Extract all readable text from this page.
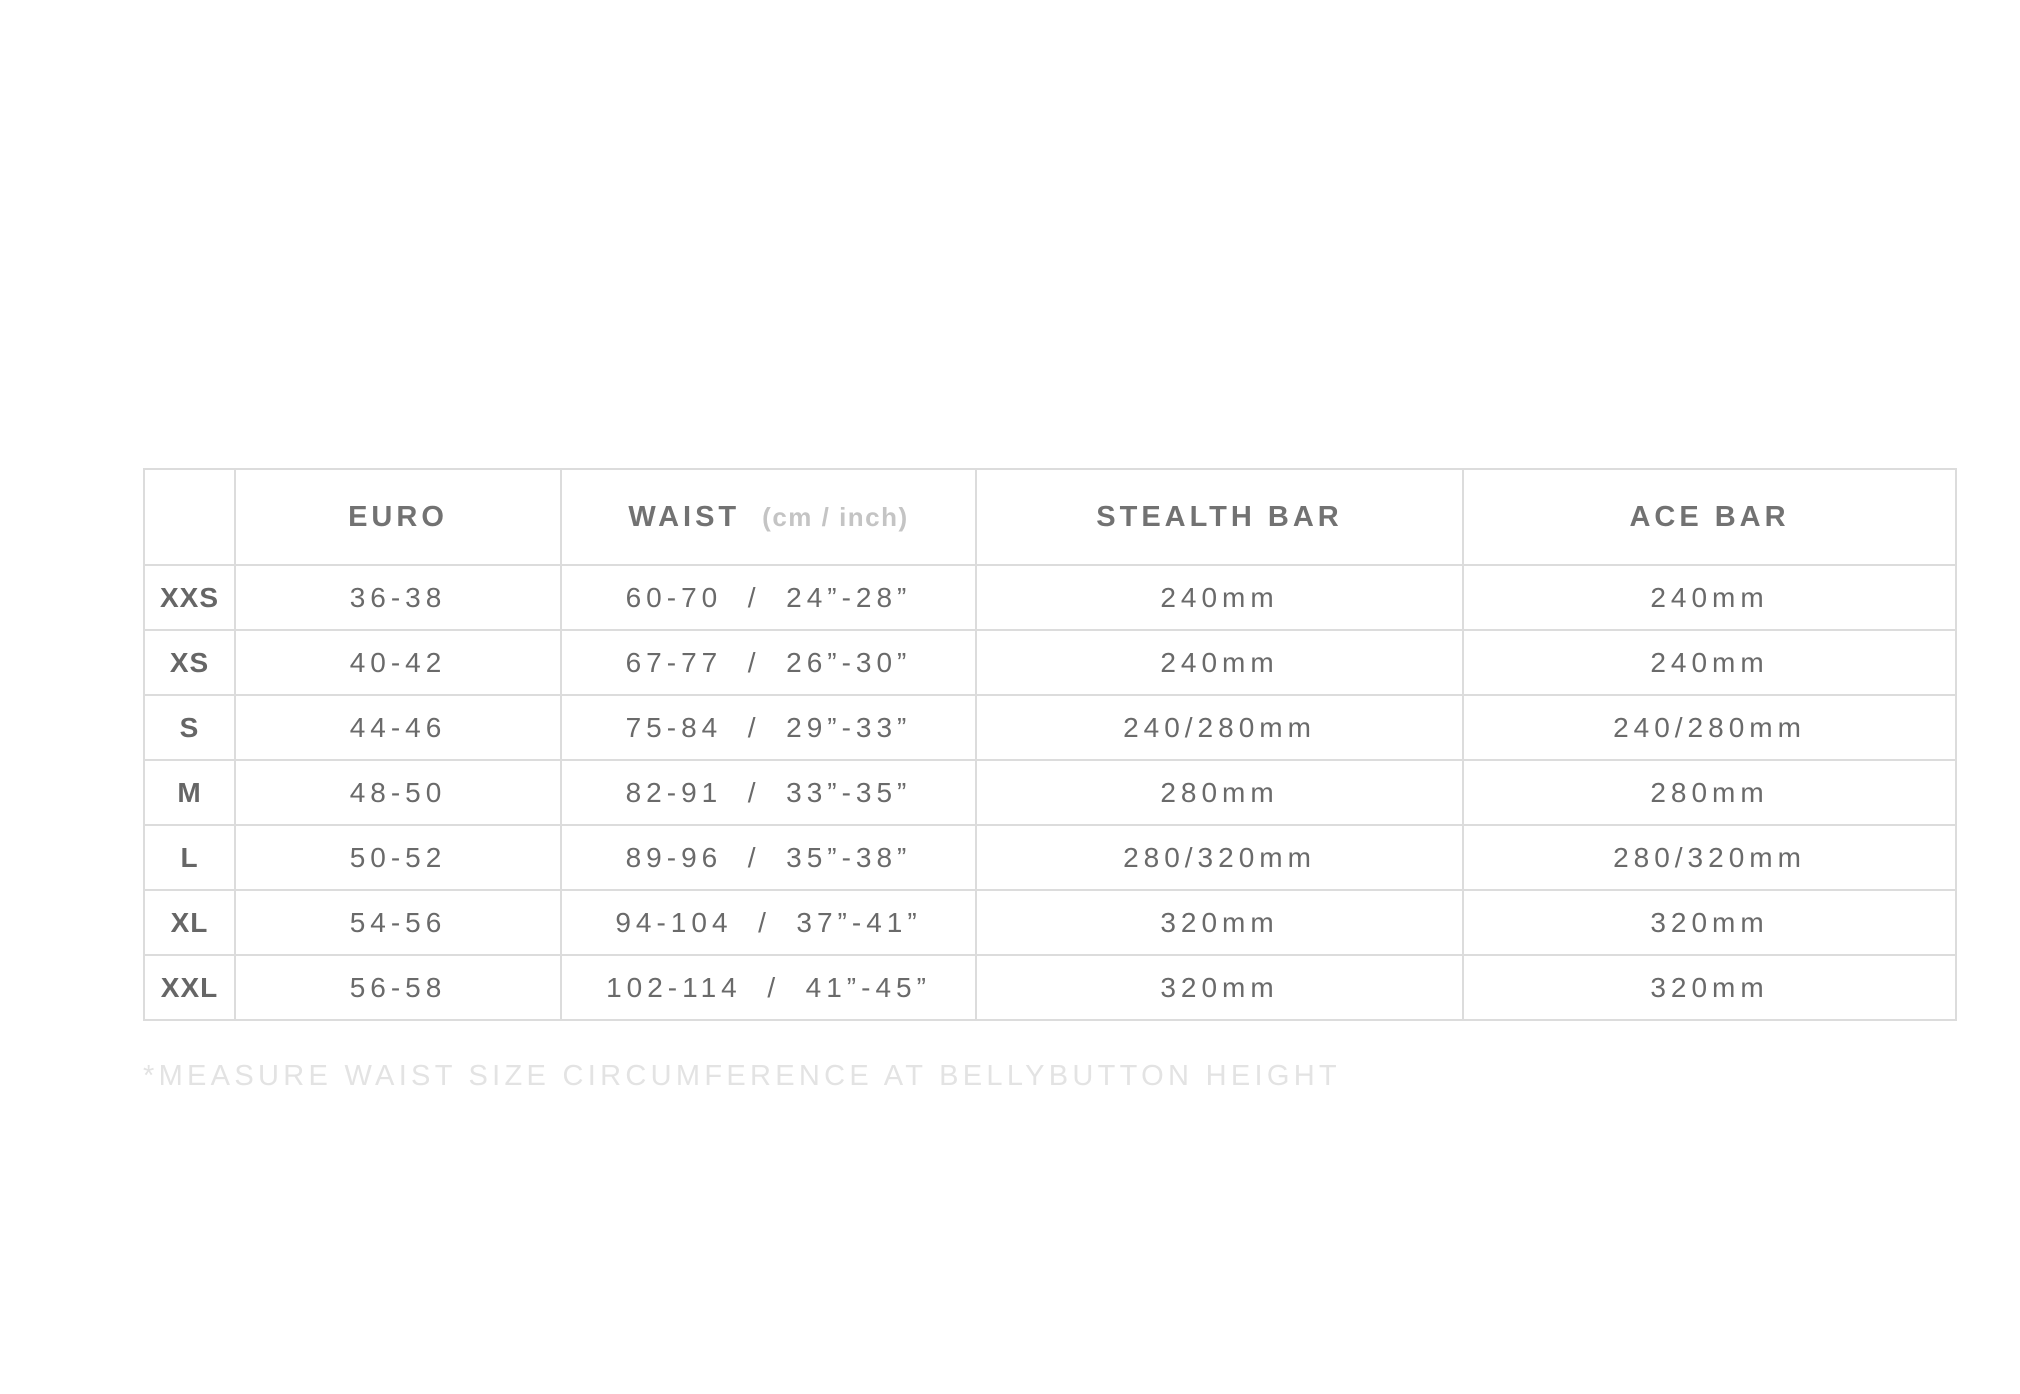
	EURO	WAIST (cm / inch)	STEALTH BAR	ACE BAR
XXS	36-38	60-70  /  24”-28”	240mm	240mm
XS	40-42	67-77  /  26”-30”	240mm	240mm
S	44-46	75-84  /  29”-33”	240/280mm	240/280mm
M	48-50	82-91  /  33”-35”	280mm	280mm
L	50-52	89-96  /  35”-38”	280/320mm	280/320mm
XL	54-56	94-104  /  37”-41”	320mm	320mm
XXL	56-58	102-114  /  41”-45”	320mm	320mm
*MEASURE WAIST SIZE CIRCUMFERENCE AT BELLYBUTTON HEIGHT
